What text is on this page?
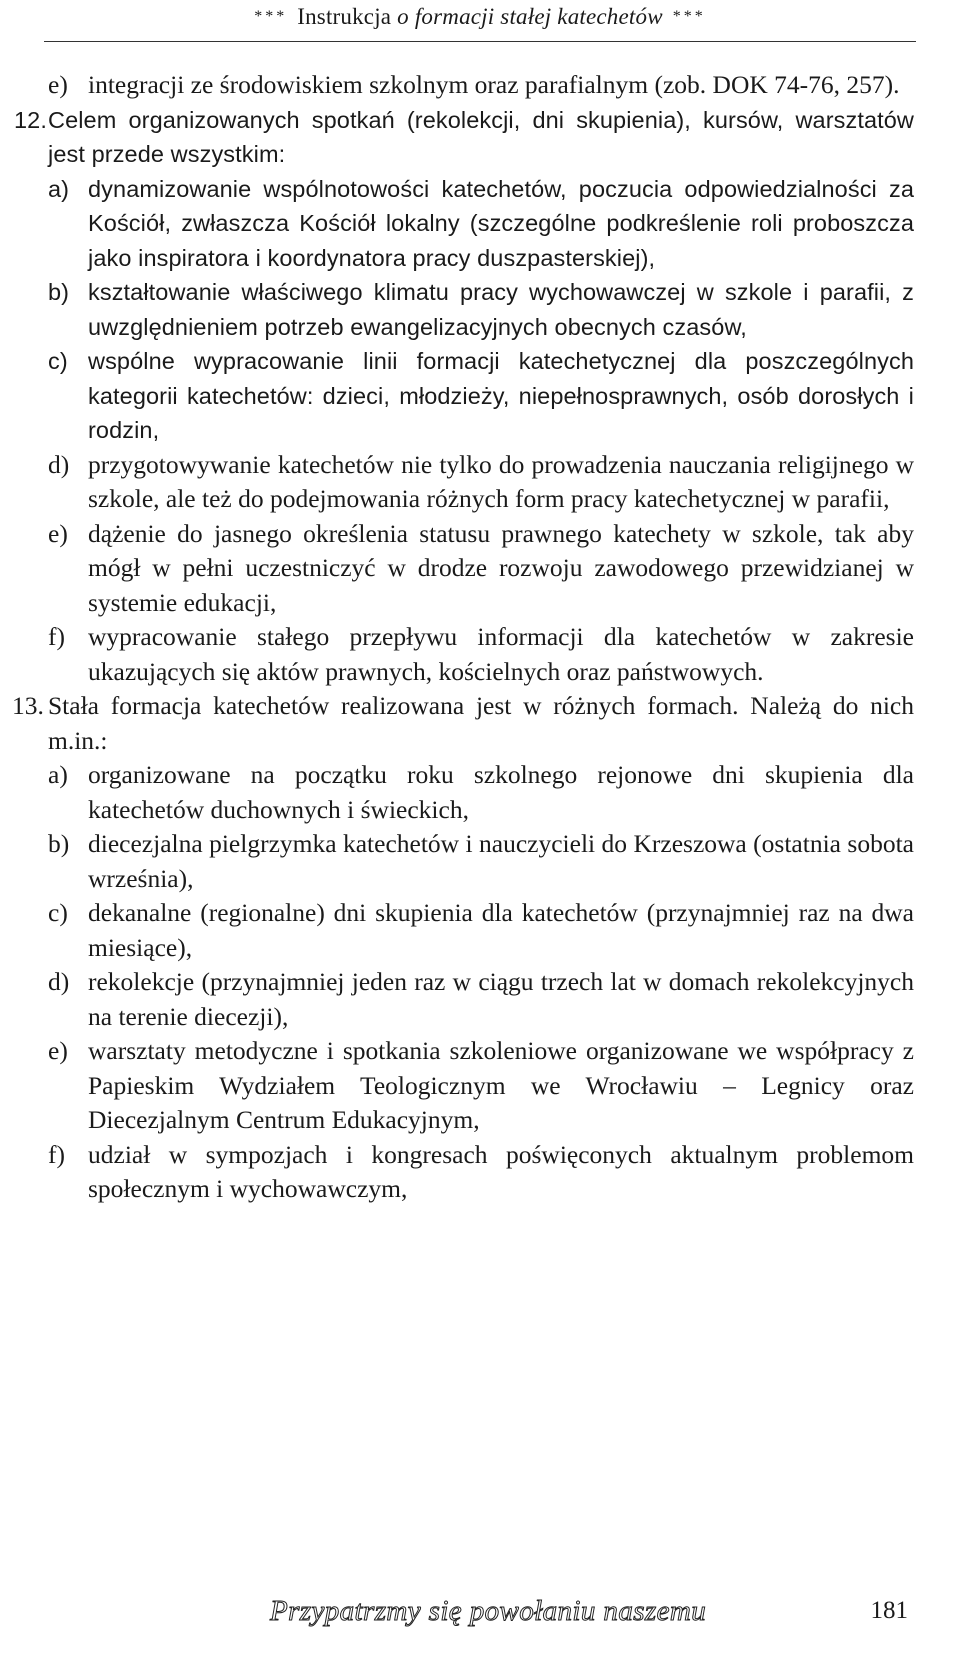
*** Instrukcja o formacji stałej katechetów ***
e) integracji ze środowiskiem szkolnym oraz parafialnym (zob. DOK 74-76, 257).
12. Celem organizowanych spotkań (rekolekcji, dni skupienia), kursów, warsztatów jest przede wszystkim:
a) dynamizowanie wspólnotowości katechetów, poczucia odpowiedzialności za Kościół, zwłaszcza Kościół lokalny (szczególne podkreślenie roli proboszcza jako inspiratora i koordynatora pracy duszpasterskiej),
b) kształtowanie właściwego klimatu pracy wychowawczej w szkole i parafii, z uwzględnieniem potrzeb ewangelizacyjnych obecnych czasów,
c) wspólne wypracowanie linii formacji katechetycznej dla poszczególnych kategorii katechetów: dzieci, młodzieży, niepełnosprawnych, osób dorosłych i rodzin,
d) przygotowywanie katechetów nie tylko do prowadzenia nauczania religijnego w szkole, ale też do podejmowania różnych form pracy katechetycznej w parafii,
e) dążenie do jasnego określenia statusu prawnego katechety w szkole, tak aby mógł w pełni uczestniczyć w drodze rozwoju zawodowego przewidzianej w systemie edukacji,
f) wypracowanie stałego przepływu informacji dla katechetów w zakresie ukazujących się aktów prawnych, kościelnych oraz państwowych.
13. Stała formacja katechetów realizowana jest w różnych formach. Należą do nich m.in.:
a) organizowane na początku roku szkolnego rejonowe dni skupienia dla katechetów duchownych i świeckich,
b) diecezjalna pielgrzymka katechetów i nauczycieli do Krzeszowa (ostatnia sobota września),
c) dekanalne (regionalne) dni skupienia dla katechetów (przynajmniej raz na dwa miesiące),
d) rekolekcje (przynajmniej jeden raz w ciągu trzech lat w domach rekolekcyjnych na terenie diecezji),
e) warsztaty metodyczne i spotkania szkoleniowe organizowane we współpracy z Papieskim Wydziałem Teologicznym we Wrocławiu – Legnicy oraz Diecezjalnym Centrum Edukacyjnym,
f) udział w sympozjach i kongresach poświęconych aktualnym problemom społecznym i wychowawczym,
Przypatrzmy się powołaniu naszemu	181
